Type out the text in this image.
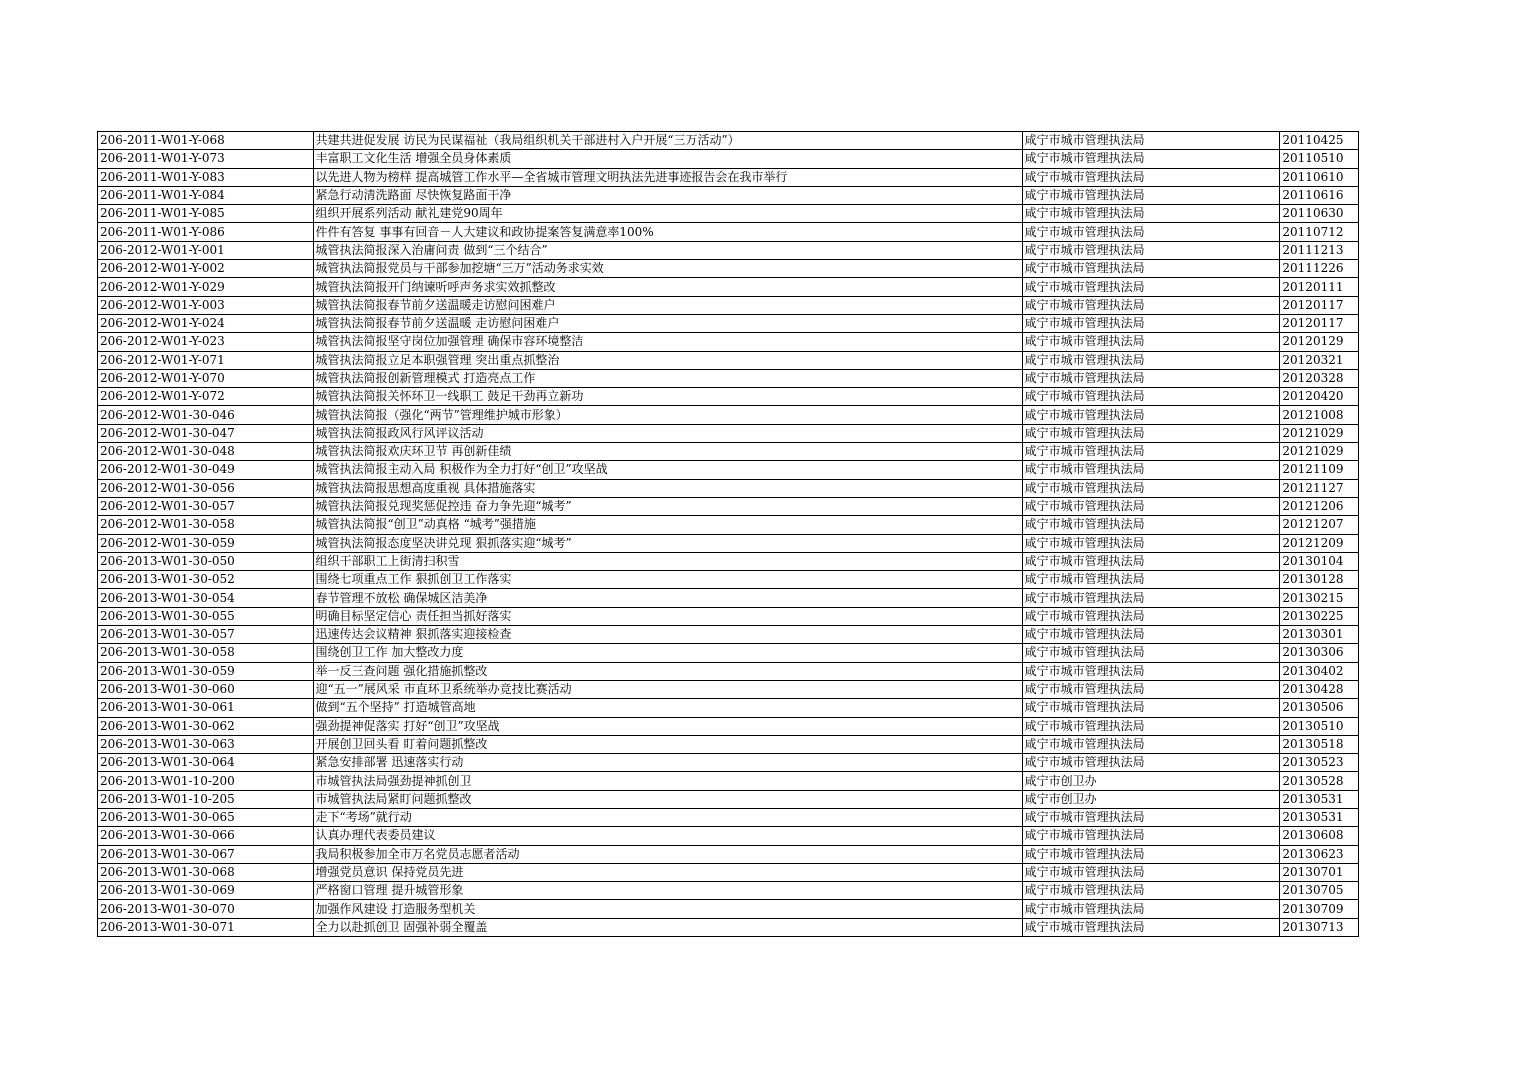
206-2011-W01-Y-068	共建共进促发展 访民为民谋福祉（我局组织机关干部进村入户开展“三万活动”）	咸宁市城市管理执法局	20110425
206-2011-W01-Y-073	丰富职工文化生活 增强全员身体素质	咸宁市城市管理执法局	20110510
206-2011-W01-Y-083	以先进人物为榜样 提高城管工作水平—全省城市管理文明执法先进事迹报告会在我市举行	咸宁市城市管理执法局	20110610
206-2011-W01-Y-084	紧急行动清洗路面 尽快恢复路面干净	咸宁市城市管理执法局	20110616
206-2011-W01-Y-085	组织开展系列活动 献礼建党90周年	咸宁市城市管理执法局	20110630
206-2011-W01-Y-086	件件有答复 事事有回音－人大建议和政协提案答复满意率100%	咸宁市城市管理执法局	20110712
206-2012-W01-Y-001	城管执法简报深入治庸问责 做到“三个结合”	咸宁市城市管理执法局	20111213
206-2012-W01-Y-002	城管执法简报党员与干部参加挖塘“三万”活动务求实效	咸宁市城市管理执法局	20111226
206-2012-W01-Y-029	城管执法简报开门纳谏听呼声务求实效抓整改	咸宁市城市管理执法局	20120111
206-2012-W01-Y-003	城管执法简报春节前夕送温暖走访慰问困难户	咸宁市城市管理执法局	20120117
206-2012-W01-Y-024	城管执法简报春节前夕送温暖 走访慰问困难户	咸宁市城市管理执法局	20120117
206-2012-W01-Y-023	城管执法简报坚守岗位加强管理 确保市容环境整洁	咸宁市城市管理执法局	20120129
206-2012-W01-Y-071	城管执法简报立足本职强管理 突出重点抓整治	咸宁市城市管理执法局	20120321
206-2012-W01-Y-070	城管执法简报创新管理模式 打造亮点工作	咸宁市城市管理执法局	20120328
206-2012-W01-Y-072	城管执法简报关怀环卫一线职工 鼓足干劲再立新功	咸宁市城市管理执法局	20120420
206-2012-W01-30-046	城管执法简报（强化“两节”管理维护城市形象）	咸宁市城市管理执法局	20121008
206-2012-W01-30-047	城管执法简报政风行风评议活动	咸宁市城市管理执法局	20121029
206-2012-W01-30-048	城管执法简报欢庆环卫节 再创新佳绩	咸宁市城市管理执法局	20121029
206-2012-W01-30-049	城管执法简报主动入局 积极作为全力打好“创卫”攻坚战	咸宁市城市管理执法局	20121109
206-2012-W01-30-056	城管执法简报思想高度重视 具体措施落实	咸宁市城市管理执法局	20121127
206-2012-W01-30-057	城管执法简报兑现奖惩促控违 奋力争先迎“城考”	咸宁市城市管理执法局	20121206
206-2012-W01-30-058	城管执法简报“创卫”动真格 “城考”强措施	咸宁市城市管理执法局	20121207
206-2012-W01-30-059	城管执法简报态度坚决讲兑现 狠抓落实迎“城考”	咸宁市城市管理执法局	20121209
206-2013-W01-30-050	组织干部职工上街清扫积雪	咸宁市城市管理执法局	20130104
206-2013-W01-30-052	围绕七项重点工作 狠抓创卫工作落实	咸宁市城市管理执法局	20130128
206-2013-W01-30-054	春节管理不放松 确保城区洁美净	咸宁市城市管理执法局	20130215
206-2013-W01-30-055	明确目标坚定信心 责任担当抓好落实	咸宁市城市管理执法局	20130225
206-2013-W01-30-057	迅速传达会议精神 狠抓落实迎接检查	咸宁市城市管理执法局	20130301
206-2013-W01-30-058	围绕创卫工作 加大整改力度	咸宁市城市管理执法局	20130306
206-2013-W01-30-059	举一反三查问题 强化措施抓整改	咸宁市城市管理执法局	20130402
206-2013-W01-30-060	迎“五一”展风采 市直环卫系统举办竞技比赛活动	咸宁市城市管理执法局	20130428
206-2013-W01-30-061	做到“五个坚持” 打造城管高地	咸宁市城市管理执法局	20130506
206-2013-W01-30-062	强劲提神促落实 打好“创卫”攻坚战	咸宁市城市管理执法局	20130510
206-2013-W01-30-063	开展创卫回头看 盯着问题抓整改	咸宁市城市管理执法局	20130518
206-2013-W01-30-064	紧急安排部署 迅速落实行动	咸宁市城市管理执法局	20130523
206-2013-W01-10-200	市城管执法局强劲提神抓创卫	咸宁市创卫办	20130528
206-2013-W01-10-205	市城管执法局紧盯问题抓整改	咸宁市创卫办	20130531
206-2013-W01-30-065	走下“考场”就行动	咸宁市城市管理执法局	20130531
206-2013-W01-30-066	认真办理代表委员建议	咸宁市城市管理执法局	20130608
206-2013-W01-30-067	我局积极参加全市万名党员志愿者活动	咸宁市城市管理执法局	20130623
206-2013-W01-30-068	增强党员意识 保持党员先进	咸宁市城市管理执法局	20130701
206-2013-W01-30-069	严格窗口管理 提升城管形象	咸宁市城市管理执法局	20130705
206-2013-W01-30-070	加强作风建设 打造服务型机关	咸宁市城市管理执法局	20130709
206-2013-W01-30-071	全力以赴抓创卫 固强补弱全覆盖	咸宁市城市管理执法局	20130713
